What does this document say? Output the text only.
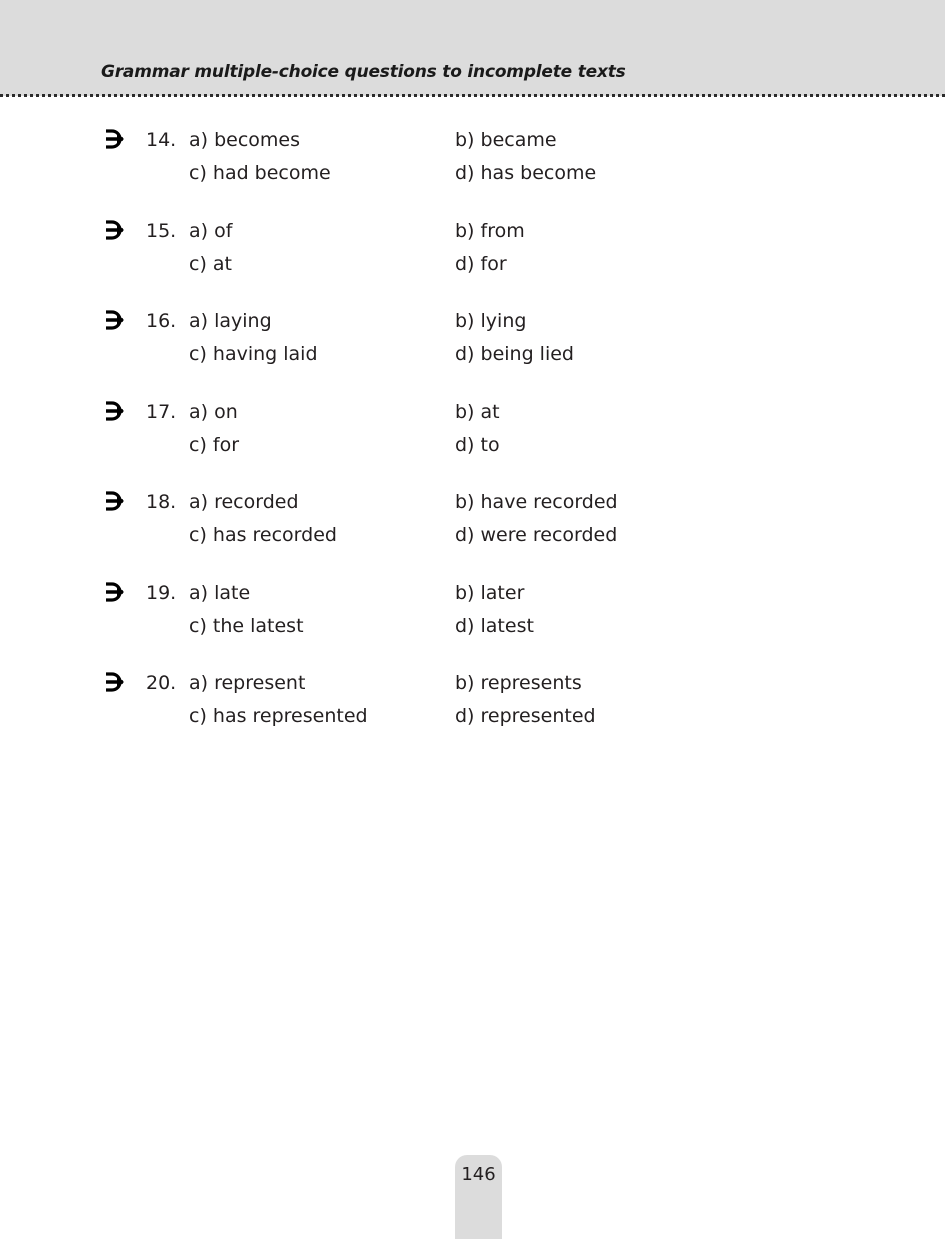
Grammar multiple-choice questions to incomplete texts
14. a) becomes	b) became
c) had become	d) has become
15. a) of	b) from
c) at	d) for
16. a) laying	b) lying
c) having laid	d) being lied
17. a) on	b) at
c) for	d) to
18. a) recorded	b) have recorded
c) has recorded	d) were recorded
19. a) late	b) later
c) the latest	d) latest
20. a) represent	b) represents
c) has represented	d) represented
146
